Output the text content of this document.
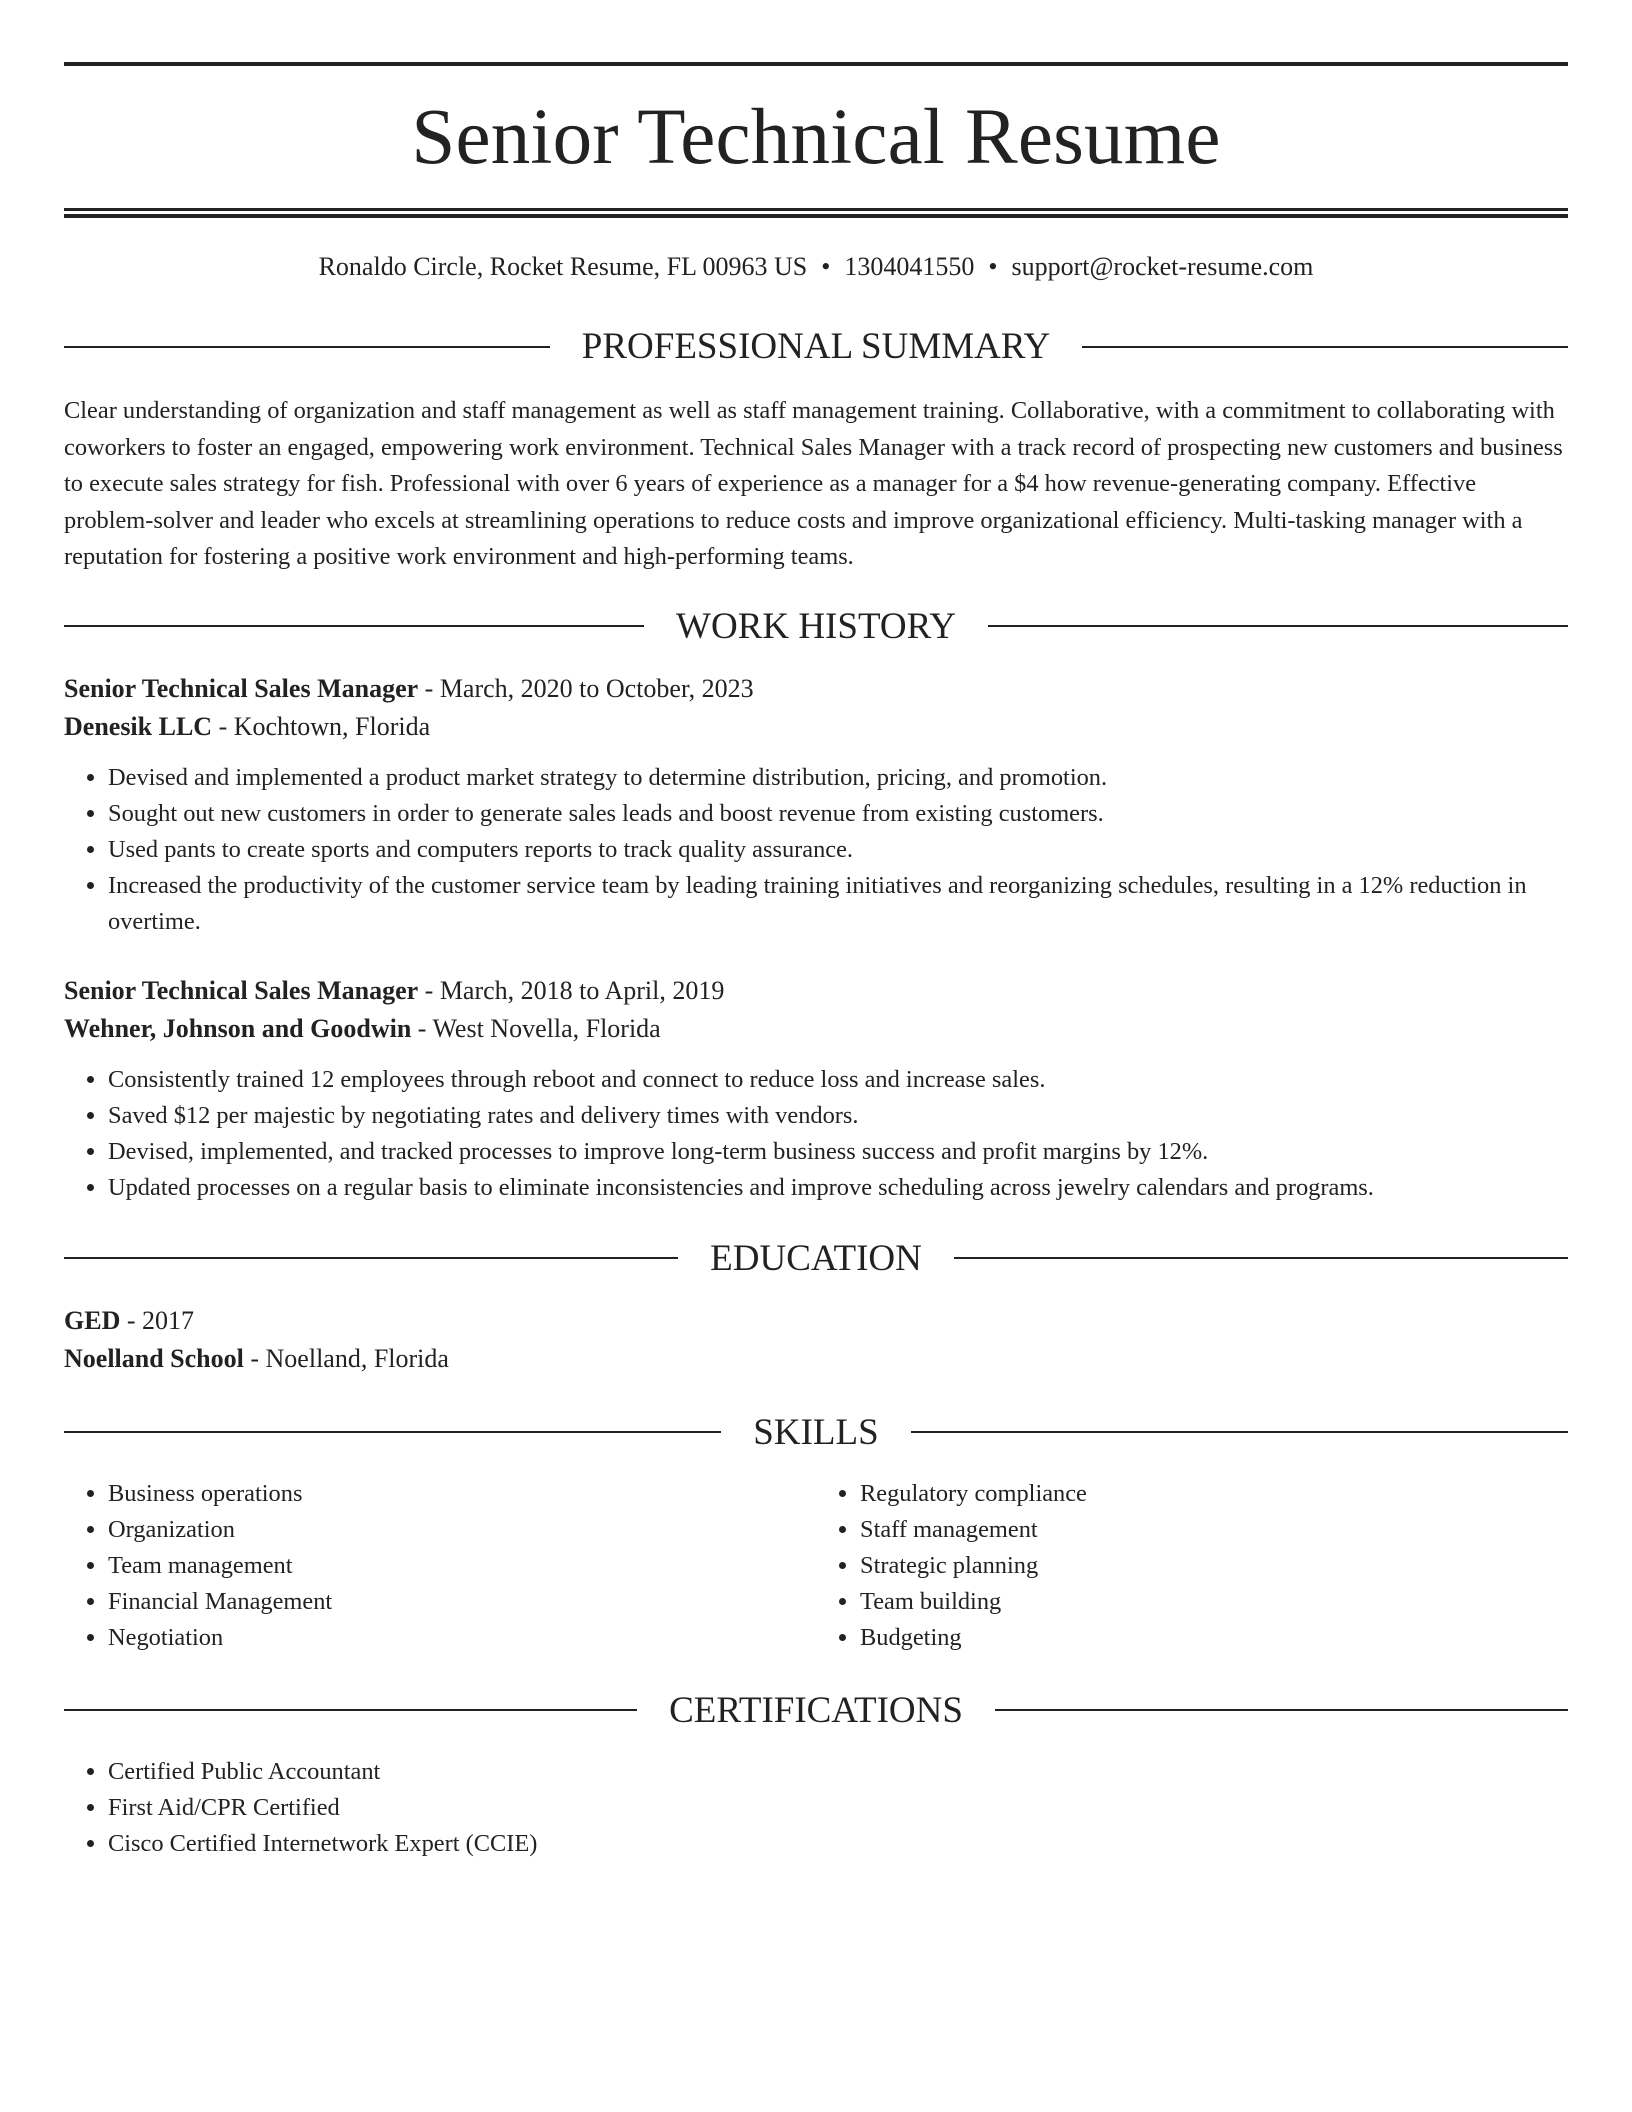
Senior Technical Resume
Ronaldo Circle, Rocket Resume, FL 00963 US • 1304041550 • support@rocket-resume.com
PROFESSIONAL SUMMARY

Clear understanding of organization and staff management as well as staff management training. Collaborative, with a commitment to collaborating with coworkers to foster an engaged, empowering work environment. Technical Sales Manager with a track record of prospecting new customers and business to execute sales strategy for fish. Professional with over 6 years of experience as a manager for a $4 how revenue-generating company. Effective problem-solver and leader who excels at streamlining operations to reduce costs and improve organizational efficiency. Multi-tasking manager with a reputation for fostering a positive work environment and high-performing teams.

WORK HISTORY
Senior Technical Sales Manager - March, 2020 to October, 2023
Denesik LLC - Kochtown, Florida
• Devised and implemented a product market strategy to determine distribution, pricing, and promotion.
• Sought out new customers in order to generate sales leads and boost revenue from existing customers.
• Used pants to create sports and computers reports to track quality assurance.
• Increased the productivity of the customer service team by leading training initiatives and reorganizing schedules, resulting in a 12% reduction in overtime.
Senior Technical Sales Manager - March, 2018 to April, 2019
Wehner, Johnson and Goodwin - West Novella, Florida
• Consistently trained 12 employees through reboot and connect to reduce loss and increase sales.
• Saved $12 per majestic by negotiating rates and delivery times with vendors.
• Devised, implemented, and tracked processes to improve long-term business success and profit margins by 12%.
• Updated processes on a regular basis to eliminate inconsistencies and improve scheduling across jewelry calendars and programs.
EDUCATION
GED - 2017
Noelland School - Noelland, Florida
SKILLS
• Business operations
• Organization
• Team management
• Financial Management
• Negotiation
• Regulatory compliance
• Staff management
• Strategic planning
• Team building
• Budgeting
CERTIFICATIONS
• Certified Public Accountant
• First Aid/CPR Certified
• Cisco Certified Internetwork Expert (CCIE)
